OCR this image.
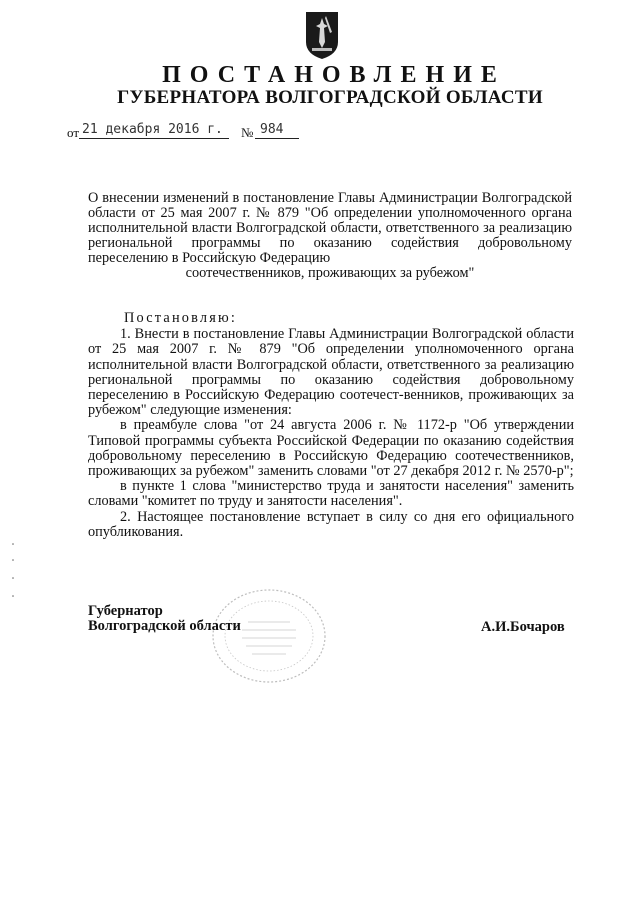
ПОСТАНОВЛЕНИЕ
ГУБЕРНАТОРА ВОЛГОГРАДСКОЙ ОБЛАСТИ
от 21 декабря 2016 г. № 984
О внесении изменений в постановление Главы Администрации Волгоградской области от 25 мая 2007 г. № 879 "Об определении уполномоченного органа исполнительной власти Волгоградской области, ответственного за реализацию региональной программы по оказанию содействия добровольному переселению в Российскую Федерацию
соотечественников, проживающих за рубежом"

Постановляю:

1. Внести в постановление Главы Администрации Волгоградской области от 25 мая 2007 г. № 879 "Об определении уполномоченного органа исполнительной власти Волгоградской области, ответственного за реализацию региональной программы по оказанию содействия добровольному переселению в Российскую Федерацию соотечест-венников, проживающих за рубежом" следующие изменения:

в преамбуле слова "от 24 августа 2006 г. № 1172-р "Об утверждении Типовой программы субъекта Российской Федерации по оказанию содействия добровольному переселению в Российскую Федерацию соотечественников, проживающих за рубежом" заменить словами "от 27 декабря 2012 г. № 2570-р";

в пункте 1 слова "министерство труда и занятости населения" заменить словами "комитет по труду и занятости населения".

2. Настоящее постановление вступает в силу со дня его официального опубликования.

Губернатор
Волгоградской области	А.И.Бочаров
